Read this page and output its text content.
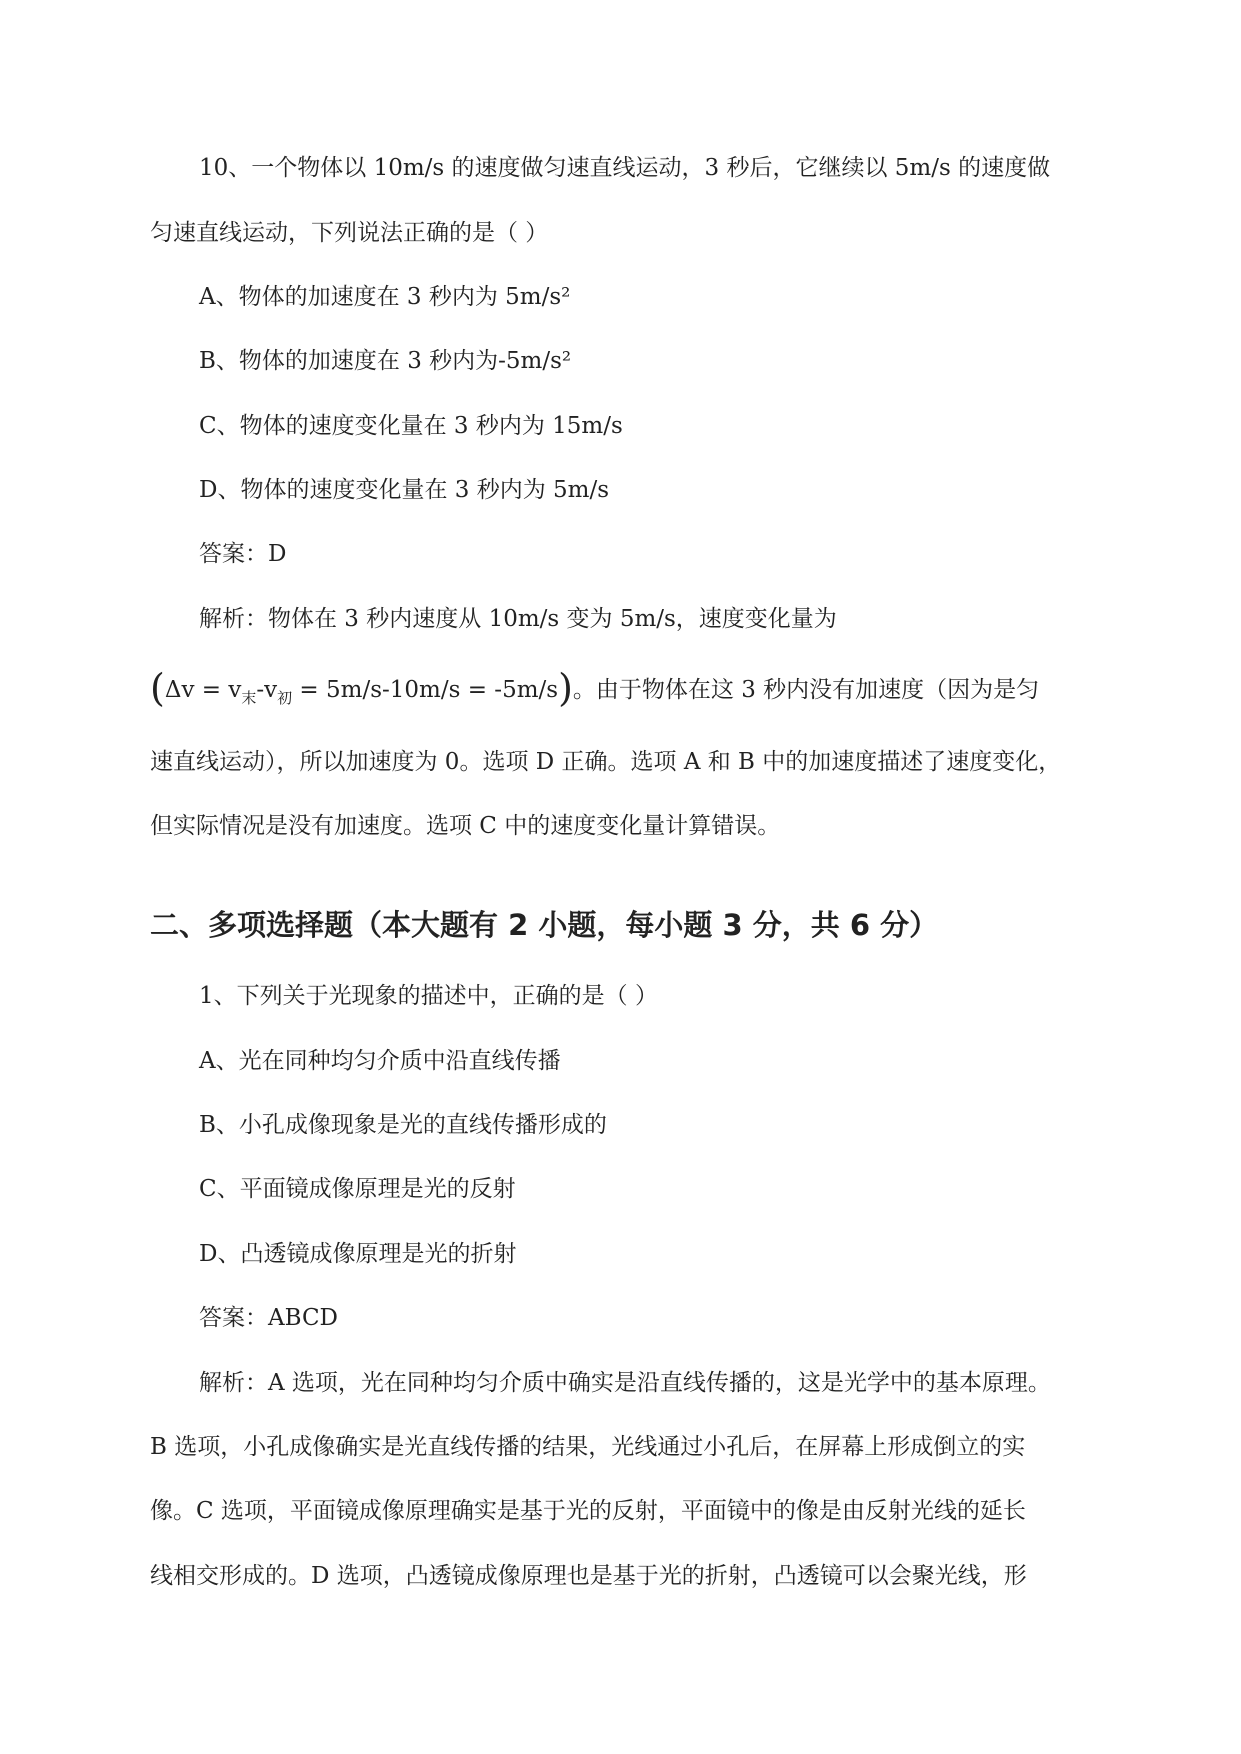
10、一个物体以 10m/s 的速度做匀速直线运动，3 秒后，它继续以 5m/s 的速度做
匀速直线运动，下列说法正确的是（ ）
A、物体的加速度在 3 秒内为 5m/s²
B、物体的加速度在 3 秒内为-5m/s²
C、物体的速度变化量在 3 秒内为 15m/s
D、物体的速度变化量在 3 秒内为 5m/s
答案：D
解析：物体在 3 秒内速度从 10m/s 变为 5m/s，速度变化量为
$(\Delta v = v_末-v_初 = 5m/s-10m/s = -5m/s)$。由于物体在这 3 秒内没有加速度（因为是匀
速直线运动），所以加速度为 0。选项 D 正确。选项 A 和 B 中的加速度描述了速度变化，
但实际情况是没有加速度。选项 C 中的速度变化量计算错误。
二、多项选择题（本大题有 2 小题，每小题 3 分，共 6 分）
1、下列关于光现象的描述中，正确的是（ ）
A、光在同种均匀介质中沿直线传播
B、小孔成像现象是光的直线传播形成的
C、平面镜成像原理是光的反射
D、凸透镜成像原理是光的折射
答案：ABCD
解析：A 选项，光在同种均匀介质中确实是沿直线传播的，这是光学中的基本原理。
B 选项，小孔成像确实是光直线传播的结果，光线通过小孔后，在屏幕上形成倒立的实
像。C 选项，平面镜成像原理确实是基于光的反射，平面镜中的像是由反射光线的延长
线相交形成的。D 选项，凸透镜成像原理也是基于光的折射，凸透镜可以会聚光线，形
